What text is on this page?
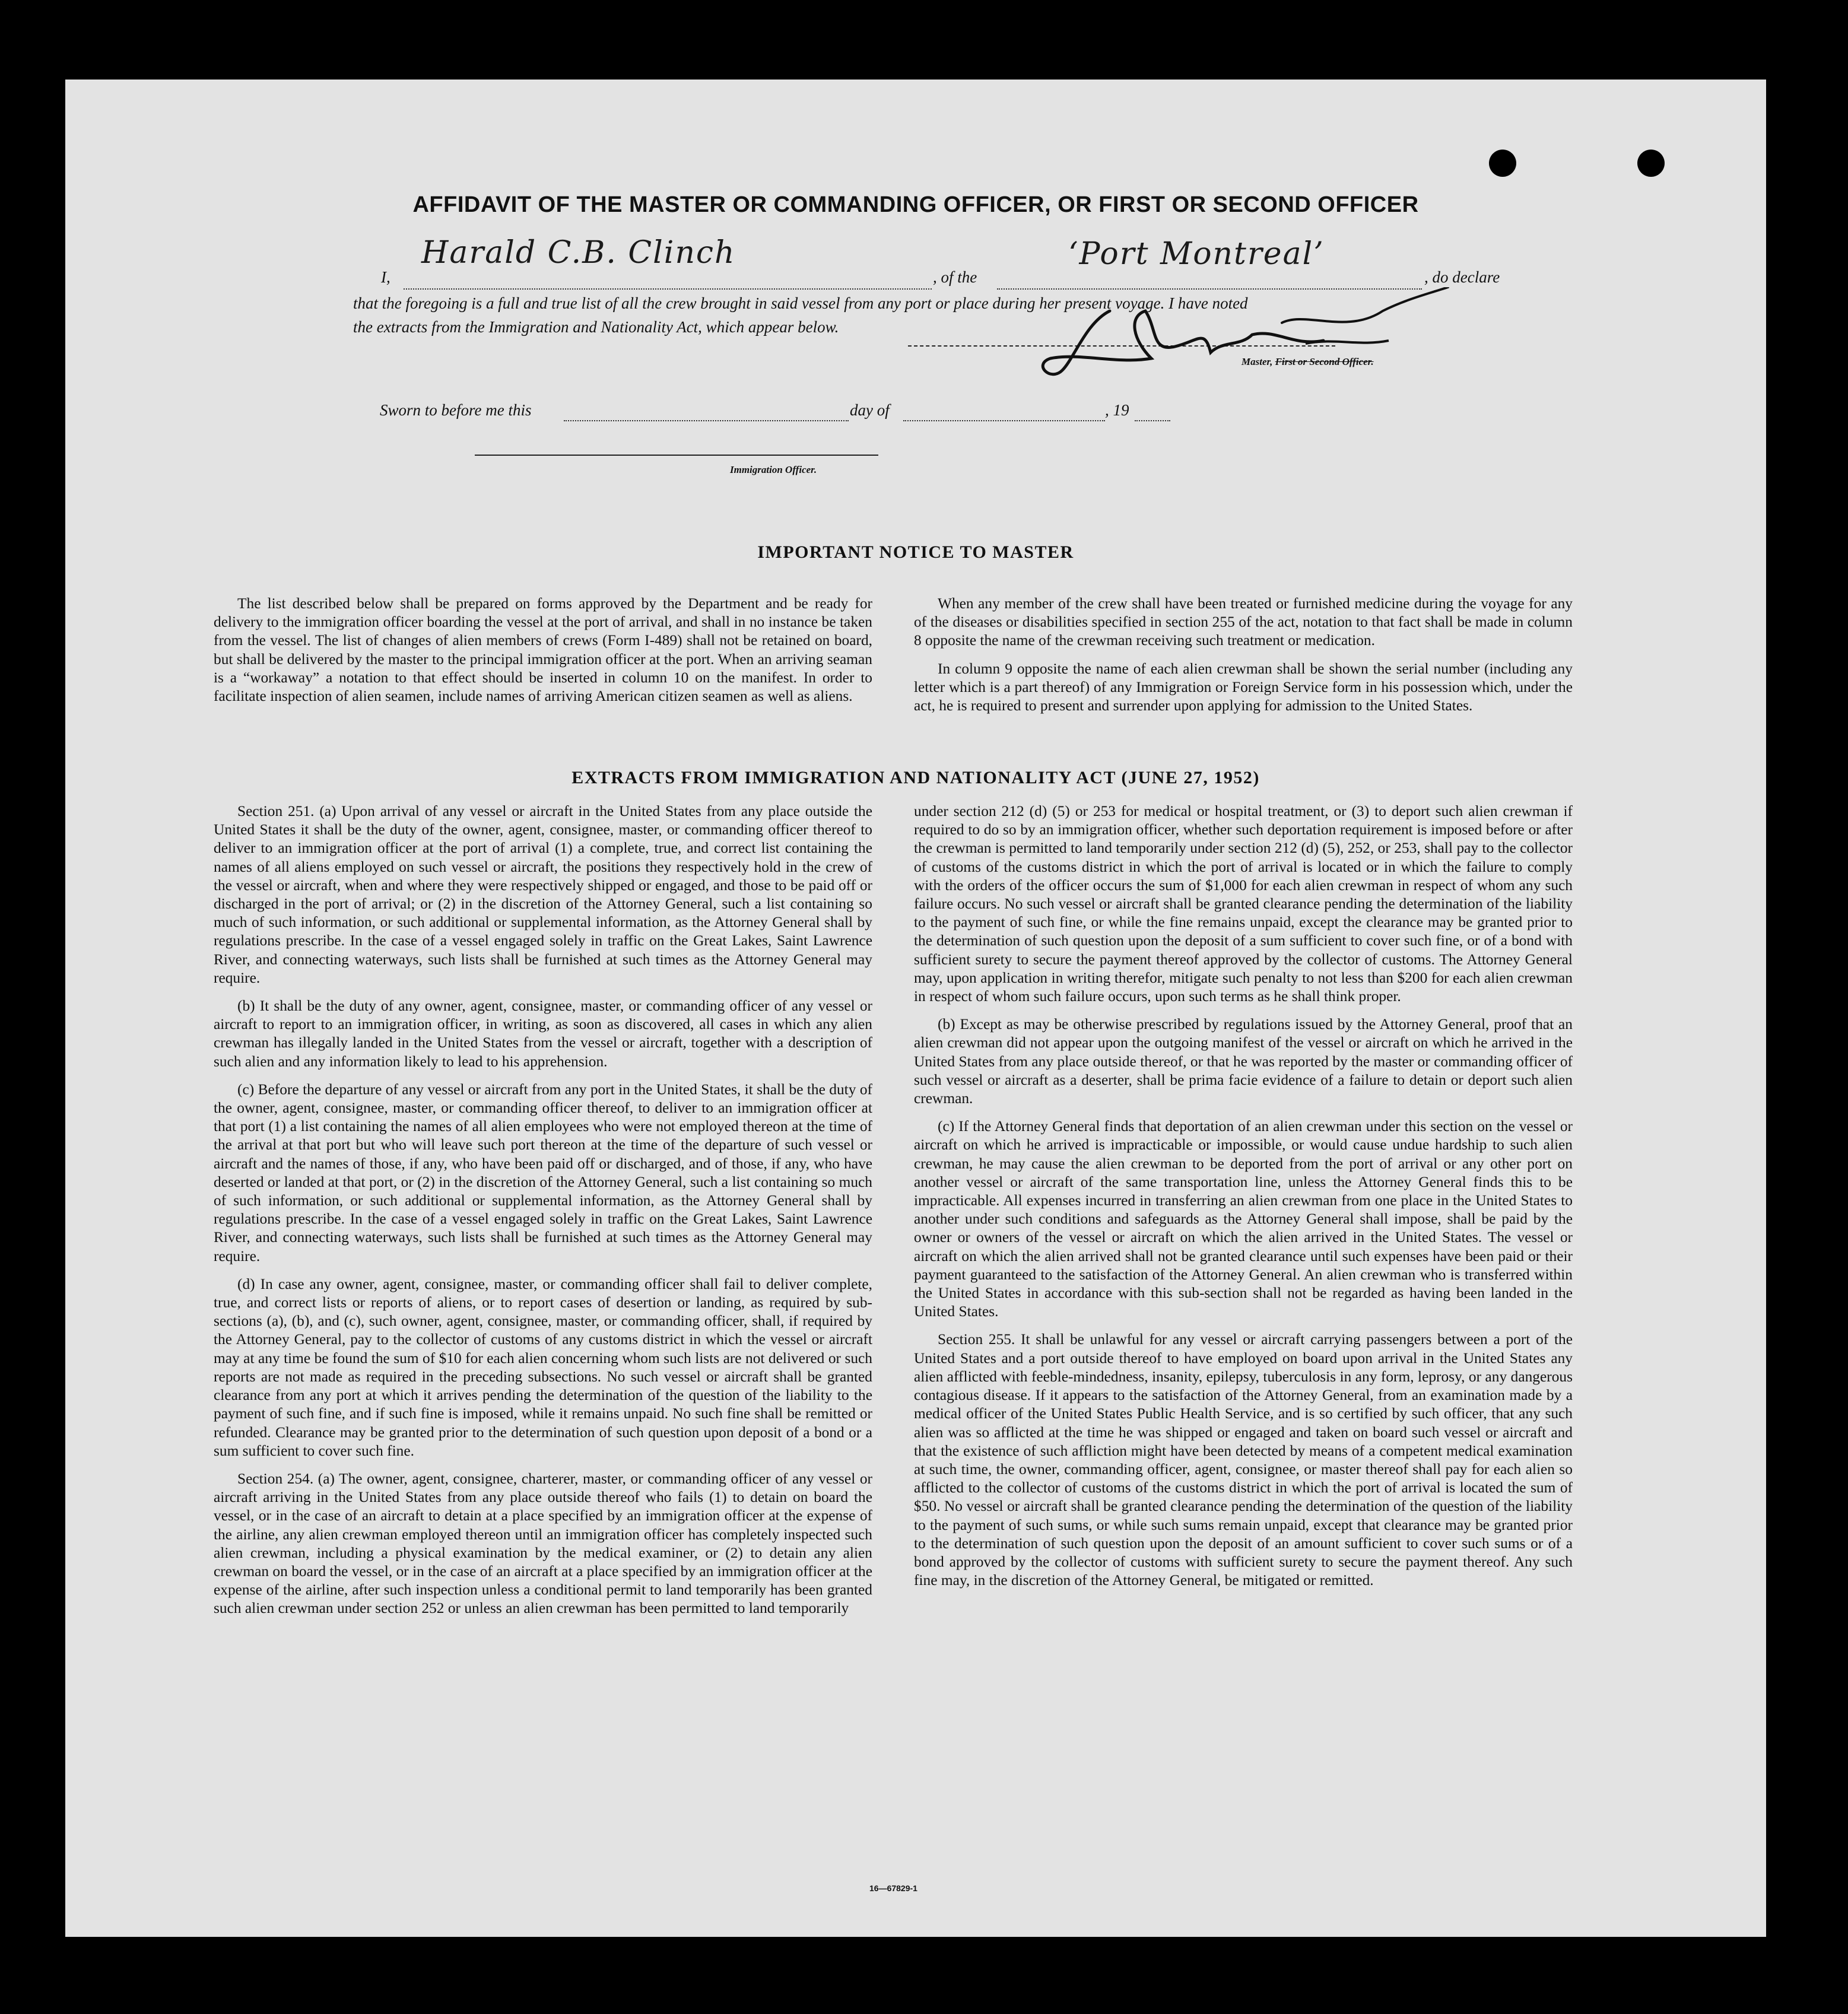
AFFIDAVIT OF THE MASTER OR COMMANDING OFFICER, OR FIRST OR SECOND OFFICER
I,
Harald C.B. Clinch
, of the
‘Port Montreal’
, do declare
that the foregoing is a full and true list of all the crew brought in said vessel from any port or place during her present voyage. I have noted
the extracts from the Immigration and Nationality Act, which appear below.
Master, First or Second Officer.
Sworn to before me this	day of	, 19
Immigration Officer.
IMPORTANT NOTICE TO MASTER

The list described below shall be prepared on forms approved by the Department and be ready for delivery to the immigration officer boarding the vessel at the port of arrival, and shall in no instance be taken from the vessel. The list of changes of alien members of crews (Form I-489) shall not be retained on board, but shall be delivered by the master to the principal immigration officer at the port. When an arriving seaman is a “workaway” a notation to that effect should be inserted in column 10 on the manifest. In order to facilitate inspection of alien seamen, include names of arriving American citizen seamen as well as aliens.

When any member of the crew shall have been treated or furnished medicine during the voyage for any of the diseases or disabilities specified in section 255 of the act, notation to that fact shall be made in column 8 opposite the name of the crewman receiving such treatment or medication.

In column 9 opposite the name of each alien crewman shall be shown the serial number (including any letter which is a part thereof) of any Immigration or Foreign Service form in his possession which, under the act, he is required to present and surrender upon applying for admission to the United States.

EXTRACTS FROM IMMIGRATION AND NATIONALITY ACT (JUNE 27, 1952)

Section 251. (a) Upon arrival of any vessel or aircraft in the United States from any place outside the United States it shall be the duty of the owner, agent, consignee, master, or commanding officer thereof to deliver to an immigration officer at the port of arrival (1) a complete, true, and correct list containing the names of all aliens employed on such vessel or aircraft, the positions they respectively hold in the crew of the vessel or aircraft, when and where they were respectively shipped or engaged, and those to be paid off or discharged in the port of arrival; or (2) in the discretion of the Attorney General, such a list containing so much of such information, or such additional or supplemental information, as the Attorney General shall by regulations prescribe. In the case of a vessel engaged solely in traffic on the Great Lakes, Saint Lawrence River, and connecting waterways, such lists shall be furnished at such times as the Attorney General may require.

(b) It shall be the duty of any owner, agent, consignee, master, or commanding officer of any vessel or aircraft to report to an immigration officer, in writing, as soon as discovered, all cases in which any alien crewman has illegally landed in the United States from the vessel or aircraft, together with a description of such alien and any information likely to lead to his apprehension.

(c) Before the departure of any vessel or aircraft from any port in the United States, it shall be the duty of the owner, agent, consignee, master, or commanding officer thereof, to deliver to an immigration officer at that port (1) a list containing the names of all alien employees who were not employed thereon at the time of the arrival at that port but who will leave such port thereon at the time of the departure of such vessel or aircraft and the names of those, if any, who have been paid off or discharged, and of those, if any, who have deserted or landed at that port, or (2) in the discretion of the Attorney General, such a list containing so much of such information, or such additional or supplemental information, as the Attorney General shall by regulations prescribe. In the case of a vessel engaged solely in traffic on the Great Lakes, Saint Lawrence River, and connecting waterways, such lists shall be furnished at such times as the Attorney General may require.

(d) In case any owner, agent, consignee, master, or commanding officer shall fail to deliver complete, true, and correct lists or reports of aliens, or to report cases of desertion or landing, as required by sub-sections (a), (b), and (c), such owner, agent, consignee, master, or commanding officer, shall, if required by the Attorney General, pay to the collector of customs of any customs district in which the vessel or aircraft may at any time be found the sum of $10 for each alien concerning whom such lists are not delivered or such reports are not made as required in the preceding subsections. No such vessel or aircraft shall be granted clearance from any port at which it arrives pending the determination of the question of the liability to the payment of such fine, and if such fine is imposed, while it remains unpaid. No such fine shall be remitted or refunded. Clearance may be granted prior to the determination of such question upon deposit of a bond or a sum sufficient to cover such fine.

Section 254. (a) The owner, agent, consignee, charterer, master, or commanding officer of any vessel or aircraft arriving in the United States from any place outside thereof who fails (1) to detain on board the vessel, or in the case of an aircraft to detain at a place specified by an immigration officer at the expense of the airline, any alien crewman employed thereon until an immigration officer has completely inspected such alien crewman, including a physical examination by the medical examiner, or (2) to detain any alien crewman on board the vessel, or in the case of an aircraft at a place specified by an immigration officer at the expense of the airline, after such inspection unless a conditional permit to land temporarily has been granted such alien crewman under section 252 or unless an alien crewman has been permitted to land temporarily

under section 212 (d) (5) or 253 for medical or hospital treatment, or (3) to deport such alien crewman if required to do so by an immigration officer, whether such deportation requirement is imposed before or after the crewman is permitted to land temporarily under section 212 (d) (5), 252, or 253, shall pay to the collector of customs of the customs district in which the port of arrival is located or in which the failure to comply with the orders of the officer occurs the sum of $1,000 for each alien crewman in respect of whom any such failure occurs. No such vessel or aircraft shall be granted clearance pending the determination of the liability to the payment of such fine, or while the fine remains unpaid, except the clearance may be granted prior to the determination of such question upon the deposit of a sum sufficient to cover such fine, or of a bond with sufficient surety to secure the payment thereof approved by the collector of customs. The Attorney General may, upon application in writing therefor, mitigate such penalty to not less than $200 for each alien crewman in respect of whom such failure occurs, upon such terms as he shall think proper.

(b) Except as may be otherwise prescribed by regulations issued by the Attorney General, proof that an alien crewman did not appear upon the outgoing manifest of the vessel or aircraft on which he arrived in the United States from any place outside thereof, or that he was reported by the master or commanding officer of such vessel or aircraft as a deserter, shall be prima facie evidence of a failure to detain or deport such alien crewman.

(c) If the Attorney General finds that deportation of an alien crewman under this section on the vessel or aircraft on which he arrived is impracticable or impossible, or would cause undue hardship to such alien crewman, he may cause the alien crewman to be deported from the port of arrival or any other port on another vessel or aircraft of the same transportation line, unless the Attorney General finds this to be impracticable. All expenses incurred in transferring an alien crewman from one place in the United States to another under such conditions and safeguards as the Attorney General shall impose, shall be paid by the owner or owners of the vessel or aircraft on which the alien arrived in the United States. The vessel or aircraft on which the alien arrived shall not be granted clearance until such expenses have been paid or their payment guaranteed to the satisfaction of the Attorney General. An alien crewman who is transferred within the United States in accordance with this sub-section shall not be regarded as having been landed in the United States.

Section 255. It shall be unlawful for any vessel or aircraft carrying passengers between a port of the United States and a port outside thereof to have employed on board upon arrival in the United States any alien afflicted with feeble-mindedness, insanity, epilepsy, tuberculosis in any form, leprosy, or any dangerous contagious disease. If it appears to the satisfaction of the Attorney General, from an examination made by a medical officer of the United States Public Health Service, and is so certified by such officer, that any such alien was so afflicted at the time he was shipped or engaged and taken on board such vessel or aircraft and that the existence of such affliction might have been detected by means of a competent medical examination at such time, the owner, commanding officer, agent, consignee, or master thereof shall pay for each alien so afflicted to the collector of customs of the customs district in which the port of arrival is located the sum of $50. No vessel or aircraft shall be granted clearance pending the determination of the question of the liability to the payment of such sums, or while such sums remain unpaid, except that clearance may be granted prior to the determination of such question upon the deposit of an amount sufficient to cover such sums or of a bond approved by the collector of customs with sufficient surety to secure the payment thereof. Any such fine may, in the discretion of the Attorney General, be mitigated or remitted.

16—67829-1
